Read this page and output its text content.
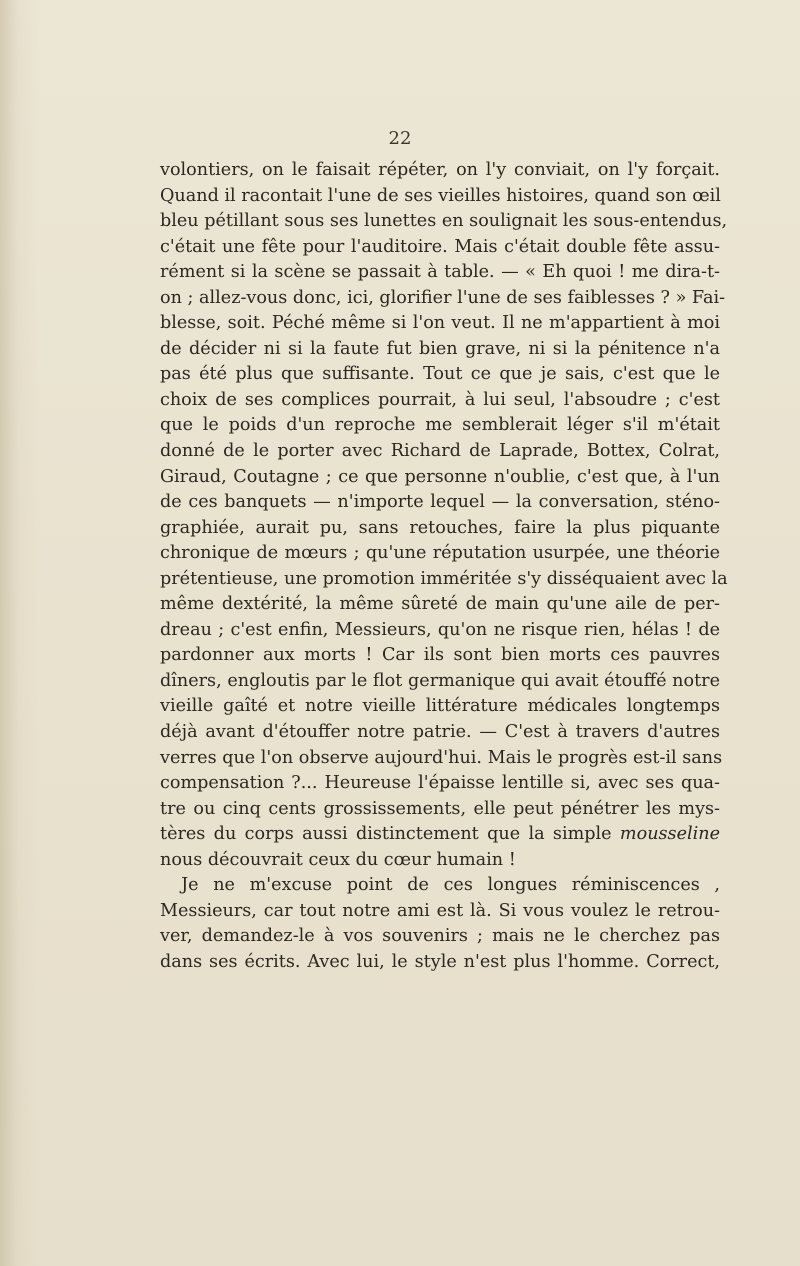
22

volontiers, on le faisait répéter, on l'y conviait, on l'y forçait.
Quand il racontait l'une de ses vieilles histoires, quand son œil
bleu pétillant sous ses lunettes en soulignait les sous-entendus,
c'était une fête pour l'auditoire. Mais c'était double fête assu-
rément si la scène se passait à table. — « Eh quoi ! me dira-t-
on ; allez-vous donc, ici, glorifier l'une de ses faiblesses ? » Fai-
blesse, soit. Péché même si l'on veut. Il ne m'appartient à moi
de décider ni si la faute fut bien grave, ni si la pénitence n'a
pas été plus que suffisante. Tout ce que je sais, c'est que le
choix de ses complices pourrait, à lui seul, l'absoudre ; c'est
que le poids d'un reproche me semblerait léger s'il m'était
donné de le porter avec Richard de Laprade, Bottex, Colrat,
Giraud, Coutagne ; ce que personne n'oublie, c'est que, à l'un
de ces banquets — n'importe lequel — la conversation, sténo-
graphiée, aurait pu, sans retouches, faire la plus piquante
chronique de mœurs ; qu'une réputation usurpée, une théorie
prétentieuse, une promotion imméritée s'y disséquaient avec la
même dextérité, la même sûreté de main qu'une aile de per-
dreau ; c'est enfin, Messieurs, qu'on ne risque rien, hélas ! de
pardonner aux morts ! Car ils sont bien morts ces pauvres
dîners, engloutis par le flot germanique qui avait étouffé notre
vieille gaîté et notre vieille littérature médicales longtemps
déjà avant d'étouffer notre patrie. — C'est à travers d'autres
verres que l'on observe aujourd'hui. Mais le progrès est-il sans
compensation ?... Heureuse l'épaisse lentille si, avec ses qua-
tre ou cinq cents grossissements, elle peut pénétrer les mys-
tères du corps aussi distinctement que la simple mousseline
nous découvrait ceux du cœur humain !
Je ne m'excuse point de ces longues réminiscences ,
Messieurs, car tout notre ami est là. Si vous voulez le retrou-
ver, demandez-le à vos souvenirs ; mais ne le cherchez pas
dans ses écrits. Avec lui, le style n'est plus l'homme. Correct,
